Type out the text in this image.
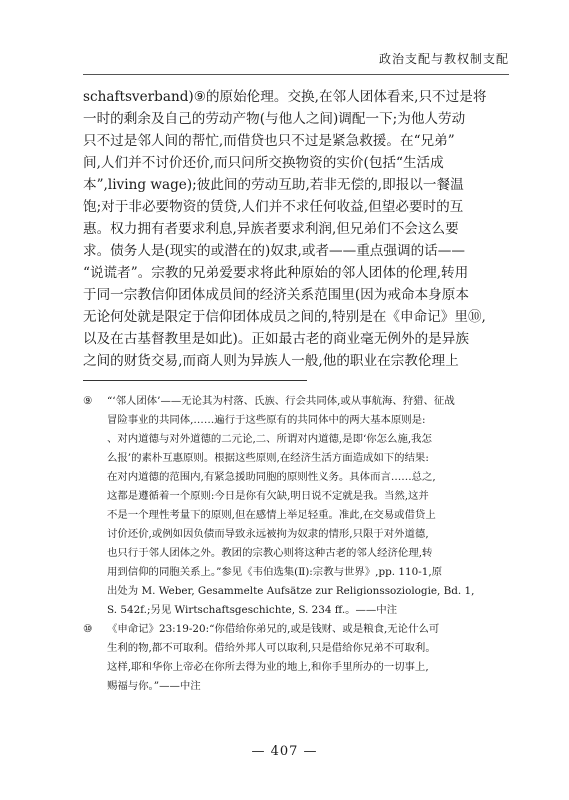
政治支配与教权制支配
schaftsverband)⑨的原始伦理。交换,在邻人团体看来,只不过是将
一时的剩余及自己的劳动产物(与他人之间)调配一下;为他人劳动
只不过是邻人间的帮忙,而借贷也只不过是紧急救援。在“兄弟”
间,人们并不讨价还价,而只问所交换物资的实价(包括“生活成
本”,living wage);彼此间的劳动互助,若非无偿的,即报以一餐温
饱;对于非必要物资的赁贷,人们并不求任何收益,但望必要时的互
惠。权力拥有者要求利息,异族者要求利润,但兄弟们不会这么要
求。债务人是(现实的或潜在的)奴隶,或者——重点强调的话——
“说谎者”。宗教的兄弟爱要求将此种原始的邻人团体的伦理,转用
于同一宗教信仰团体成员间的经济关系范围里(因为戒命本身原本
无论何处就是限定于信仰团体成员之间的,特别是在《申命记》里⑩,
以及在古基督教里是如此)。正如最古老的商业毫无例外的是异族
之间的财货交易,而商人则为异族人一般,他的职业在宗教伦理上
⑨ “‘邻人团体’——无论其为村落、氏族、行会共同体,或从事航海、狩猎、征战
冒险事业的共同体,……遍行于这些原有的共同体中的两大基本原则是:
、对内道德与对外道德的二元论,二、所谓对内道德,是即‘你怎么施,我怎
么报’的素朴互惠原则。根据这些原则,在经济生活方面造成如下的结果:
在对内道德的范围内,有紧急援助同胞的原则性义务。具体而言……总之,
这都是遵循着一个原则:今日是你有欠缺,明日说不定就是我。当然,这并
不是一个理性考量下的原则,但在感情上举足轻重。准此,在交易或借贷上
讨价还价,或例如因负债而导致永远被拘为奴隶的情形,只限于对外道德,
也只行于邻人团体之外。教团的宗教心则将这种古老的邻人经济伦理,转
用到信仰的同胞关系上。”参见《韦伯选集(Ⅱ):宗教与世界》,pp. 110-1,原
出处为 M. Weber, Gesammelte Aufsätze zur Religionssoziologie, Bd. 1,
S. 542f.;另见 Wirtschaftsgeschichte, S. 234 ff.。——中注
⑩ 《申命记》23:19-20:“你借给你弟兄的,或是钱财、或是粮食,无论什么可
生利的物,都不可取利。借给外邦人可以取利,只是借给你兄弟不可取利。
这样,耶和华你上帝必在你所去得为业的地上,和你手里所办的一切事上,
赐福与你。”——中注
— 407 —
